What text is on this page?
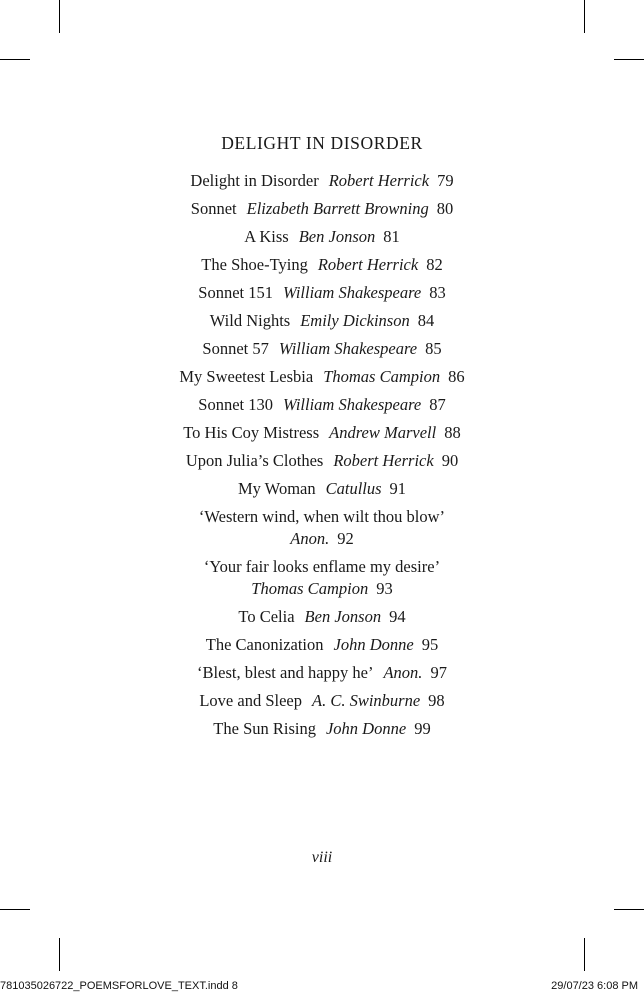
DELIGHT IN DISORDER
Delight in Disorder Robert Herrick 79
Sonnet Elizabeth Barrett Browning 80
A Kiss Ben Jonson 81
The Shoe-Tying Robert Herrick 82
Sonnet 151 William Shakespeare 83
Wild Nights Emily Dickinson 84
Sonnet 57 William Shakespeare 85
My Sweetest Lesbia Thomas Campion 86
Sonnet 130 William Shakespeare 87
To His Coy Mistress Andrew Marvell 88
Upon Julia’s Clothes Robert Herrick 90
My Woman Catullus 91
‘Western wind, when wilt thou blow’
Anon. 92
‘Your fair looks enflame my desire’
Thomas Campion 93
To Celia Ben Jonson 94
The Canonization John Donne 95
‘Blest, blest and happy he’ Anon. 97
Love and Sleep A. C. Swinburne 98
The Sun Rising John Donne 99
viii
781035026722_POEMSFORLOVE_TEXT.indd 8	29/07/23 6:08 PM
